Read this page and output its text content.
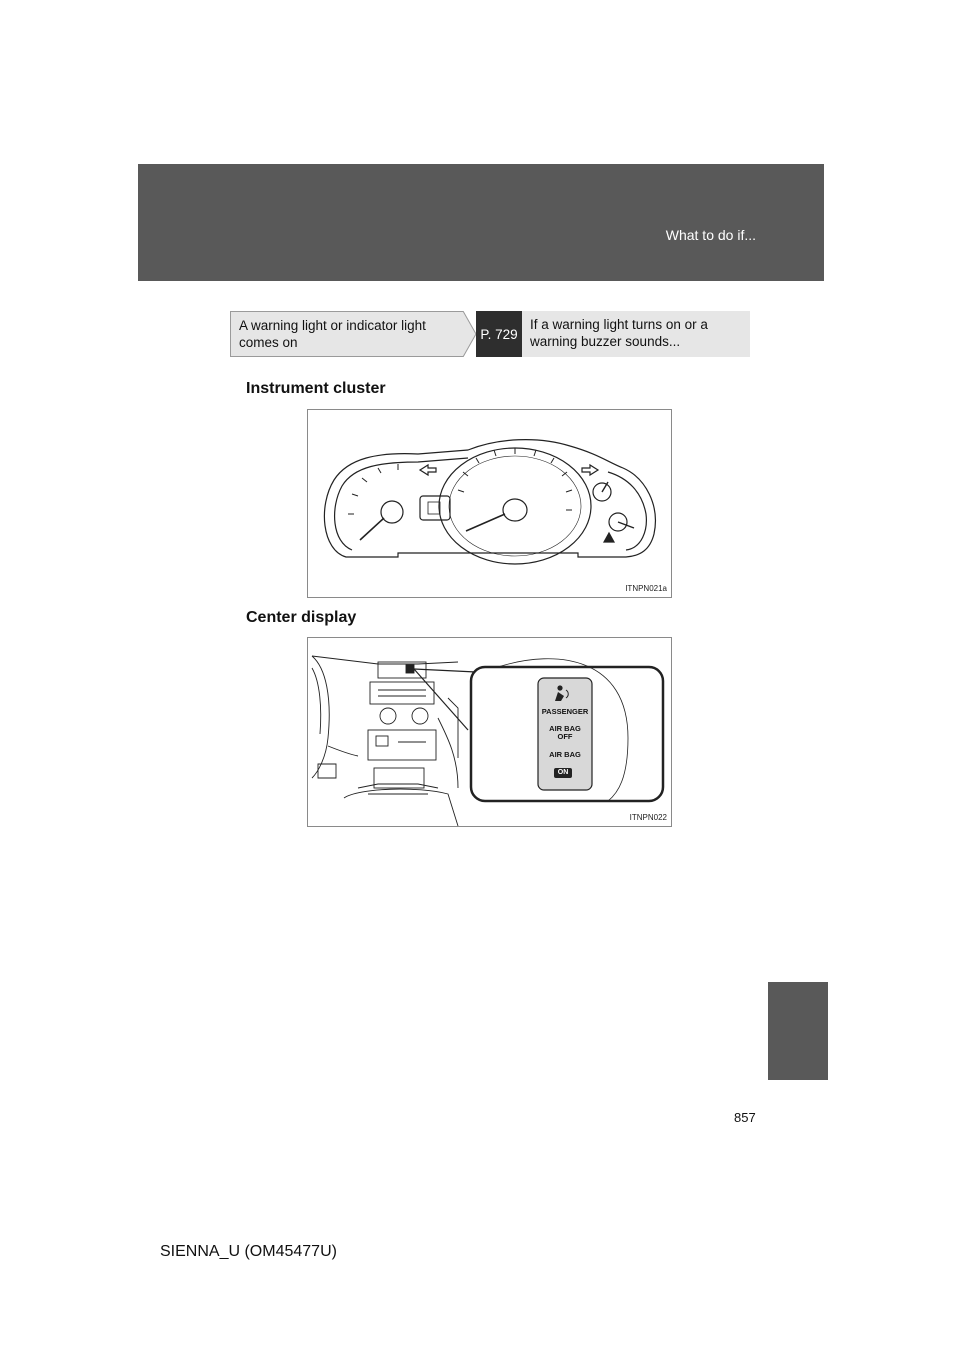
What to do if...
A warning light or indicator light comes on
P. 729
If a warning light turns on or a warning buzzer sounds...
Instrument cluster
ITNPN021a
Center display
PASSENGER
AIR BAG
OFF
AIR BAG
ON
ITNPN022
857
SIENNA_U (OM45477U)
